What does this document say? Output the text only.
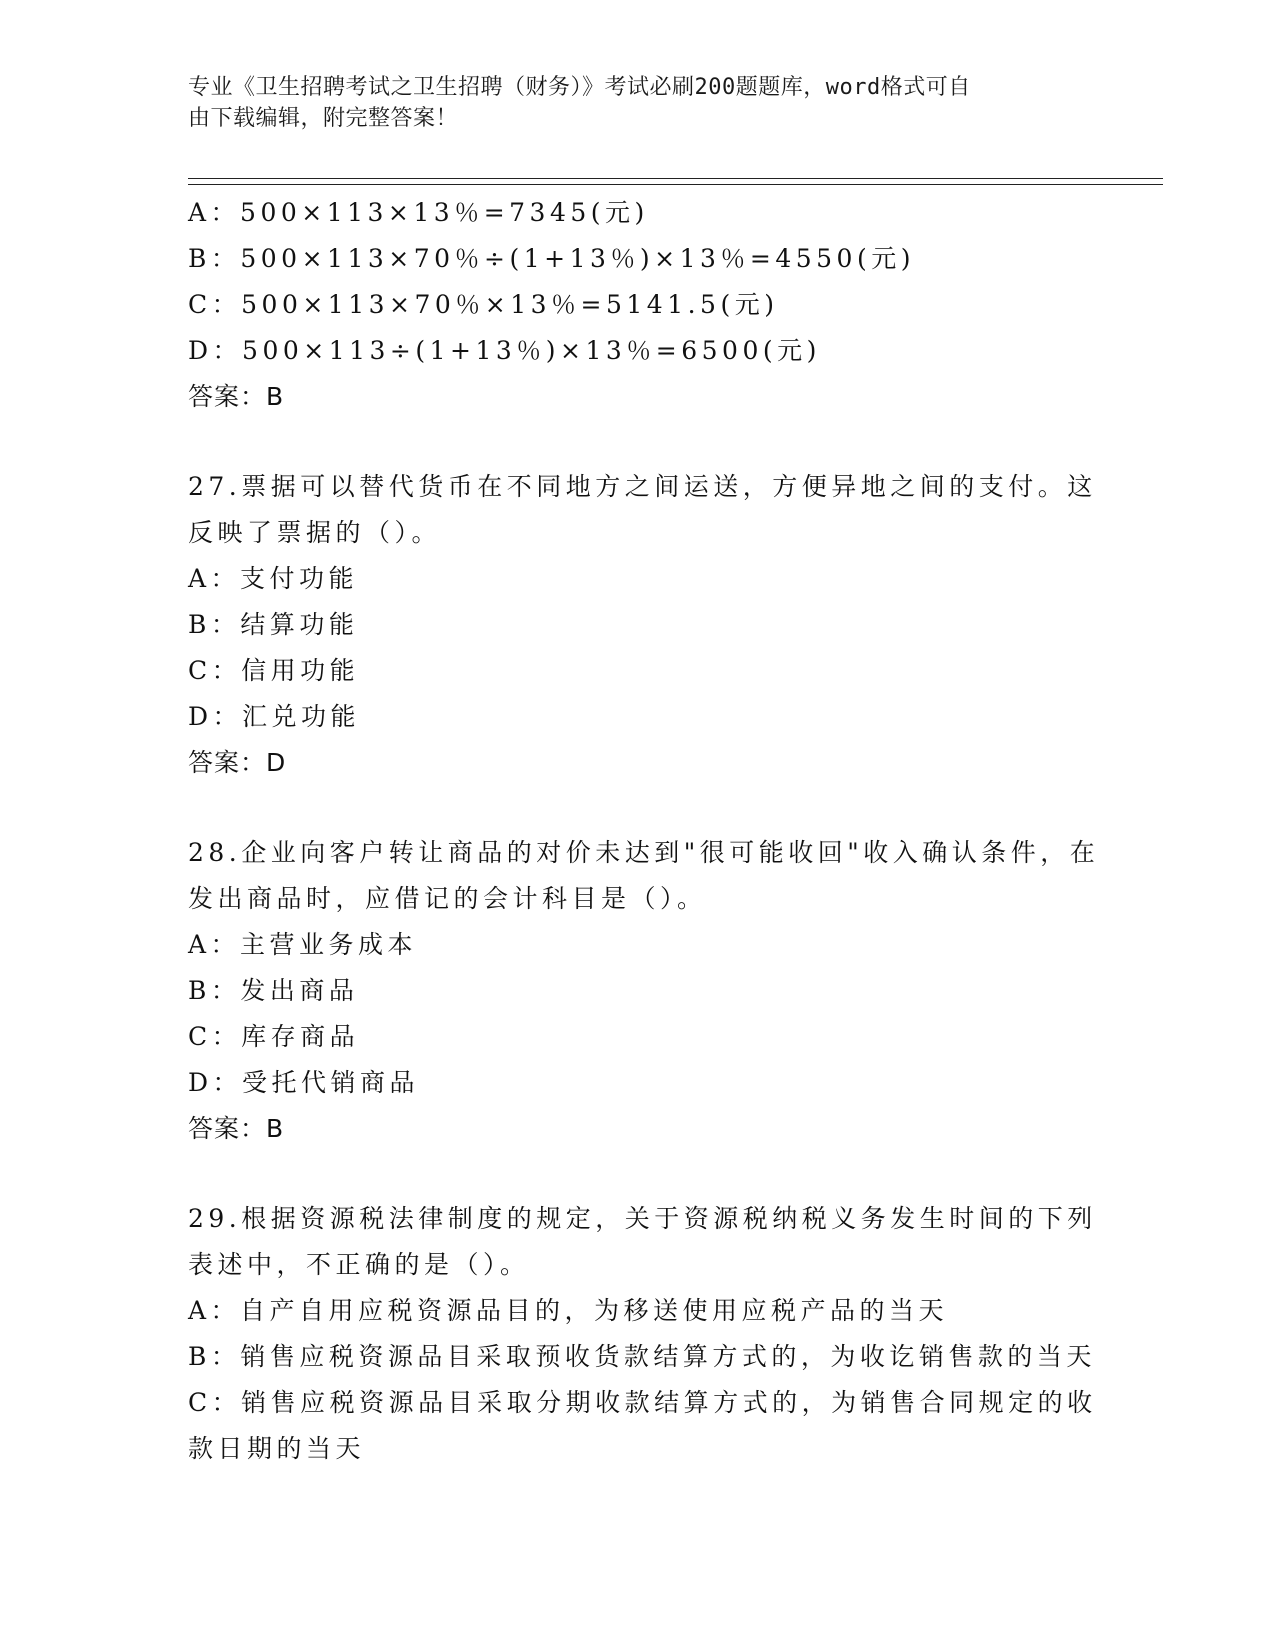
专业《卫生招聘考试之卫生招聘（财务）》考试必刷200题题库，word格式可自
由下载编辑，附完整答案！
A：500×113×13％=7345(元)
B：500×113×70％÷(1+13％)×13％=4550(元)
C：500×113×70％×13％=5141.5(元)
D：500×113÷(1+13％)×13％=6500(元)
答案：B
27.票据可以替代货币在不同地方之间运送，方便异地之间的支付。这
反映了票据的（）。
A：支付功能
B：结算功能
C：信用功能
D：汇兑功能
答案：D
28.企业向客户转让商品的对价未达到"很可能收回"收入确认条件，在
发出商品时，应借记的会计科目是（）。
A：主营业务成本
B：发出商品
C：库存商品
D：受托代销商品
答案：B
29.根据资源税法律制度的规定，关于资源税纳税义务发生时间的下列
表述中，不正确的是（）。
A：自产自用应税资源品目的，为移送使用应税产品的当天
B：销售应税资源品目采取预收货款结算方式的，为收讫销售款的当天
C：销售应税资源品目采取分期收款结算方式的，为销售合同规定的收
款日期的当天
